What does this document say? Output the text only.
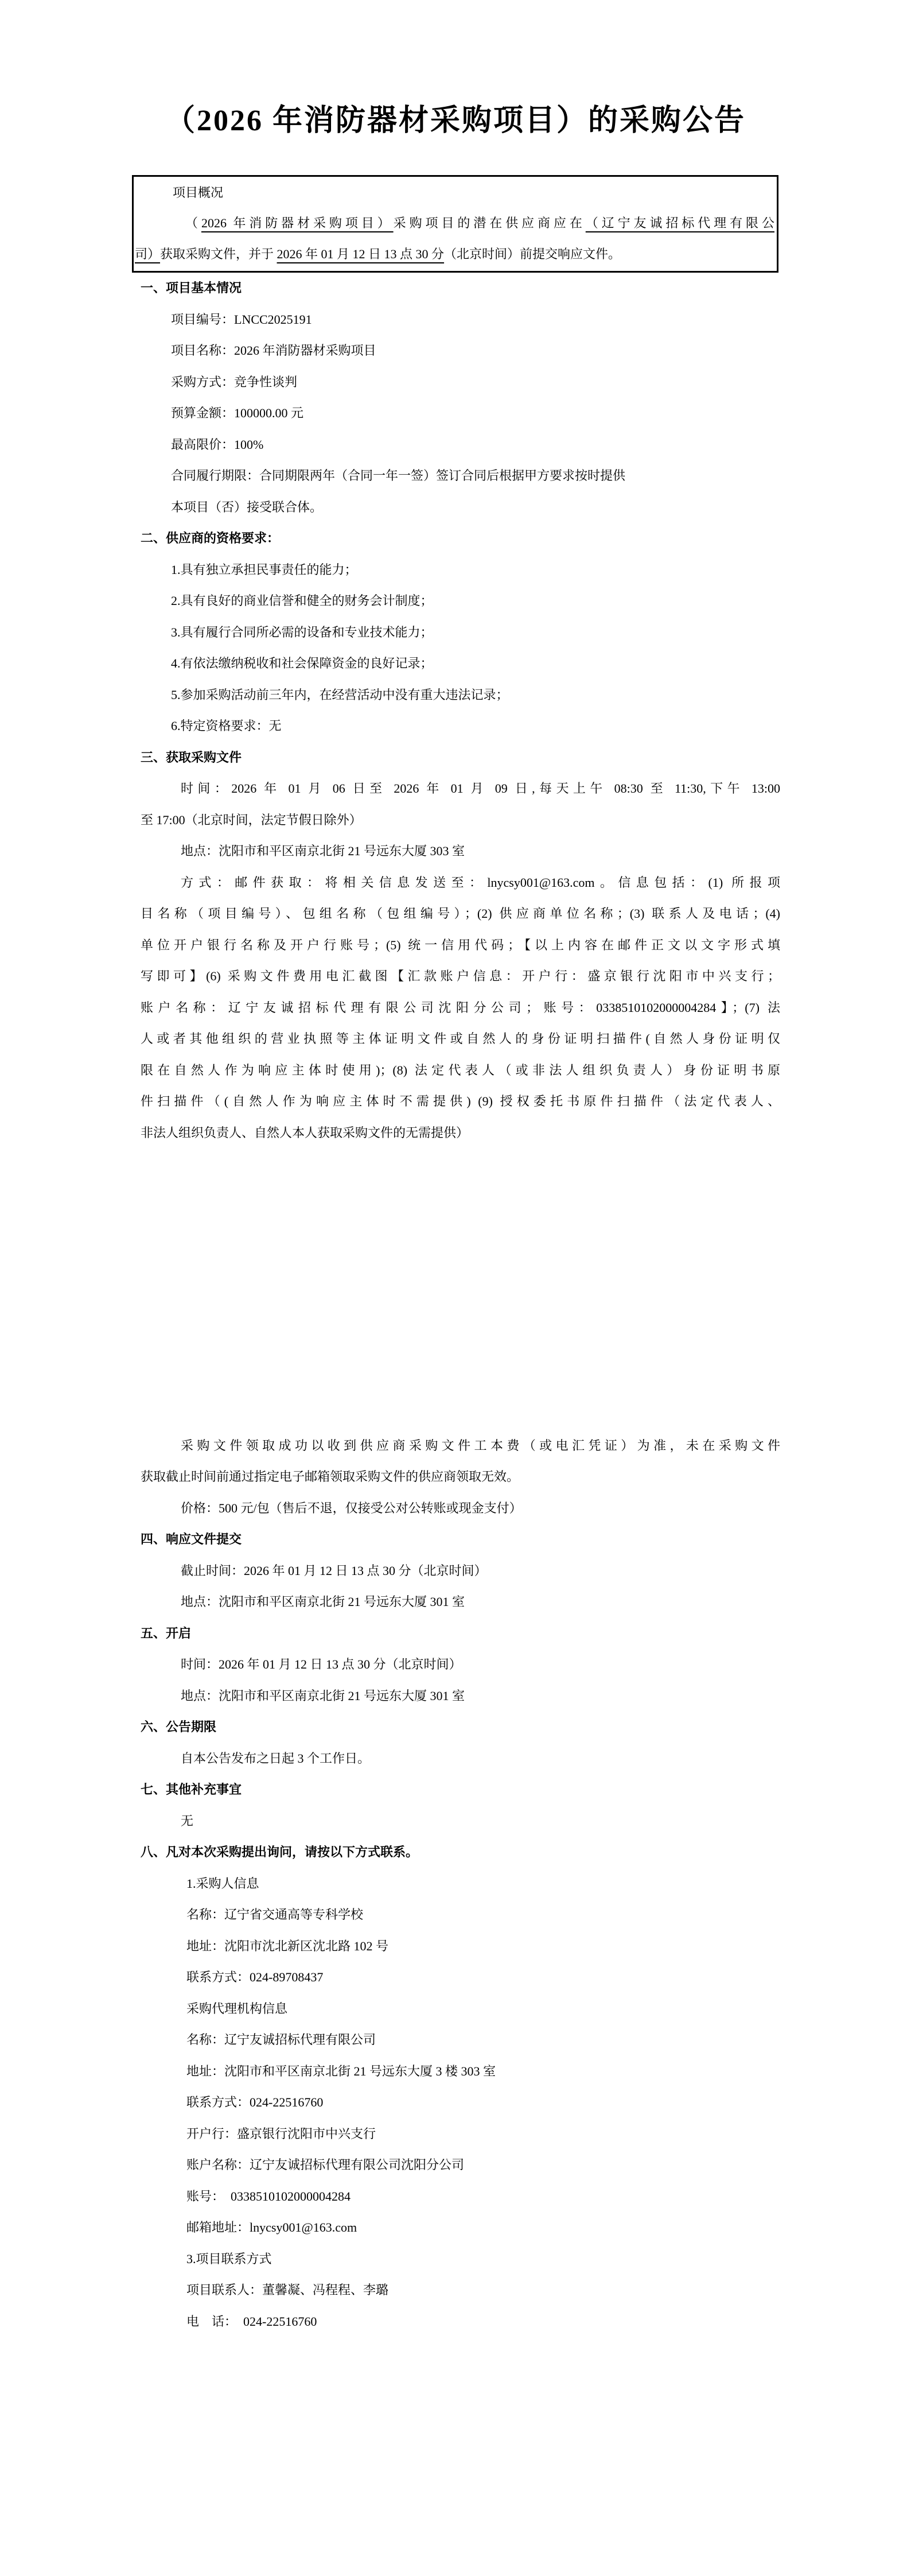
（2026 年消防器材采购项目）的采购公告
项目概况
（2026 年消防器材采购项目）采购项目的潜在供应商应在（辽宁友诚招标代理有限公
司）获取采购文件，并于 2026 年 01 月 12 日 13 点 30 分（北京时间）前提交响应文件。
一、项目基本情况
项目编号：LNCC2025191
项目名称：2026 年消防器材采购项目
采购方式：竞争性谈判
预算金额：100000.00 元
最高限价：100%
合同履行期限：合同期限两年（合同一年一签）签订合同后根据甲方要求按时提供
本项目（否）接受联合体。
二、供应商的资格要求：
1.具有独立承担民事责任的能力；
2.具有良好的商业信誉和健全的财务会计制度；
3.具有履行合同所必需的设备和专业技术能力；
4.有依法缴纳税收和社会保障资金的良好记录；
5.参加采购活动前三年内，在经营活动中没有重大违法记录；
6.特定资格要求：无
三、获取采购文件
时间：2026 年 01 月 06 日至 2026 年 01 月 09 日,每天上午 08:30 至 11:30,下午 13:00
至 17:00（北京时间，法定节假日除外）
地点：沈阳市和平区南京北街 21 号远东大厦 303 室
方式：邮件获取：将相关信息发送至：lnycsy001@163.com。信息包括：(1) 所报项
目名称（项目编号）、包组名称（包组编号）；(2) 供应商单位名称；(3) 联系人及电话；(4)
单位开户银行名称及开户行账号；(5) 统一信用代码；【以上内容在邮件正文以文字形式填
写即可】(6) 采购文件费用电汇截图【汇款账户信息：开户行：盛京银行沈阳市中兴支行；
账户名称：辽宁友诚招标代理有限公司沈阳分公司；账号：0338510102000004284】；(7) 法
人或者其他组织的营业执照等主体证明文件或自然人的身份证明扫描件(自然人身份证明仅
限在自然人作为响应主体时使用)；(8) 法定代表人（或非法人组织负责人）身份证明书原
件扫描件（(自然人作为响应主体时不需提供) (9) 授权委托书原件扫描件（法定代表人、
非法人组织负责人、自然人本人获取采购文件的无需提供）
采购文件领取成功以收到供应商采购文件工本费（或电汇凭证）为准，未在采购文件
获取截止时间前通过指定电子邮箱领取采购文件的供应商领取无效。
价格：500 元/包（售后不退，仅接受公对公转账或现金支付）
四、响应文件提交
截止时间：2026 年 01 月 12 日 13 点 30 分（北京时间）
地点：沈阳市和平区南京北街 21 号远东大厦 301 室
五、开启
时间：2026 年 01 月 12 日 13 点 30 分（北京时间）
地点：沈阳市和平区南京北街 21 号远东大厦 301 室
六、公告期限
自本公告发布之日起 3 个工作日。
七、其他补充事宜
无
八、凡对本次采购提出询问，请按以下方式联系。
1.采购人信息
名称：辽宁省交通高等专科学校
地址：沈阳市沈北新区沈北路 102 号
联系方式：024-89708437
采购代理机构信息
名称：辽宁友诚招标代理有限公司
地址：沈阳市和平区南京北街 21 号远东大厦 3 楼 303 室
联系方式：024-22516760
开户行：盛京银行沈阳市中兴支行
账户名称：辽宁友诚招标代理有限公司沈阳分公司
账号：　0338510102000004284
邮箱地址：lnycsy001@163.com
3.项目联系方式
项目联系人：董馨凝、冯程程、李璐
电　话：　024-22516760
